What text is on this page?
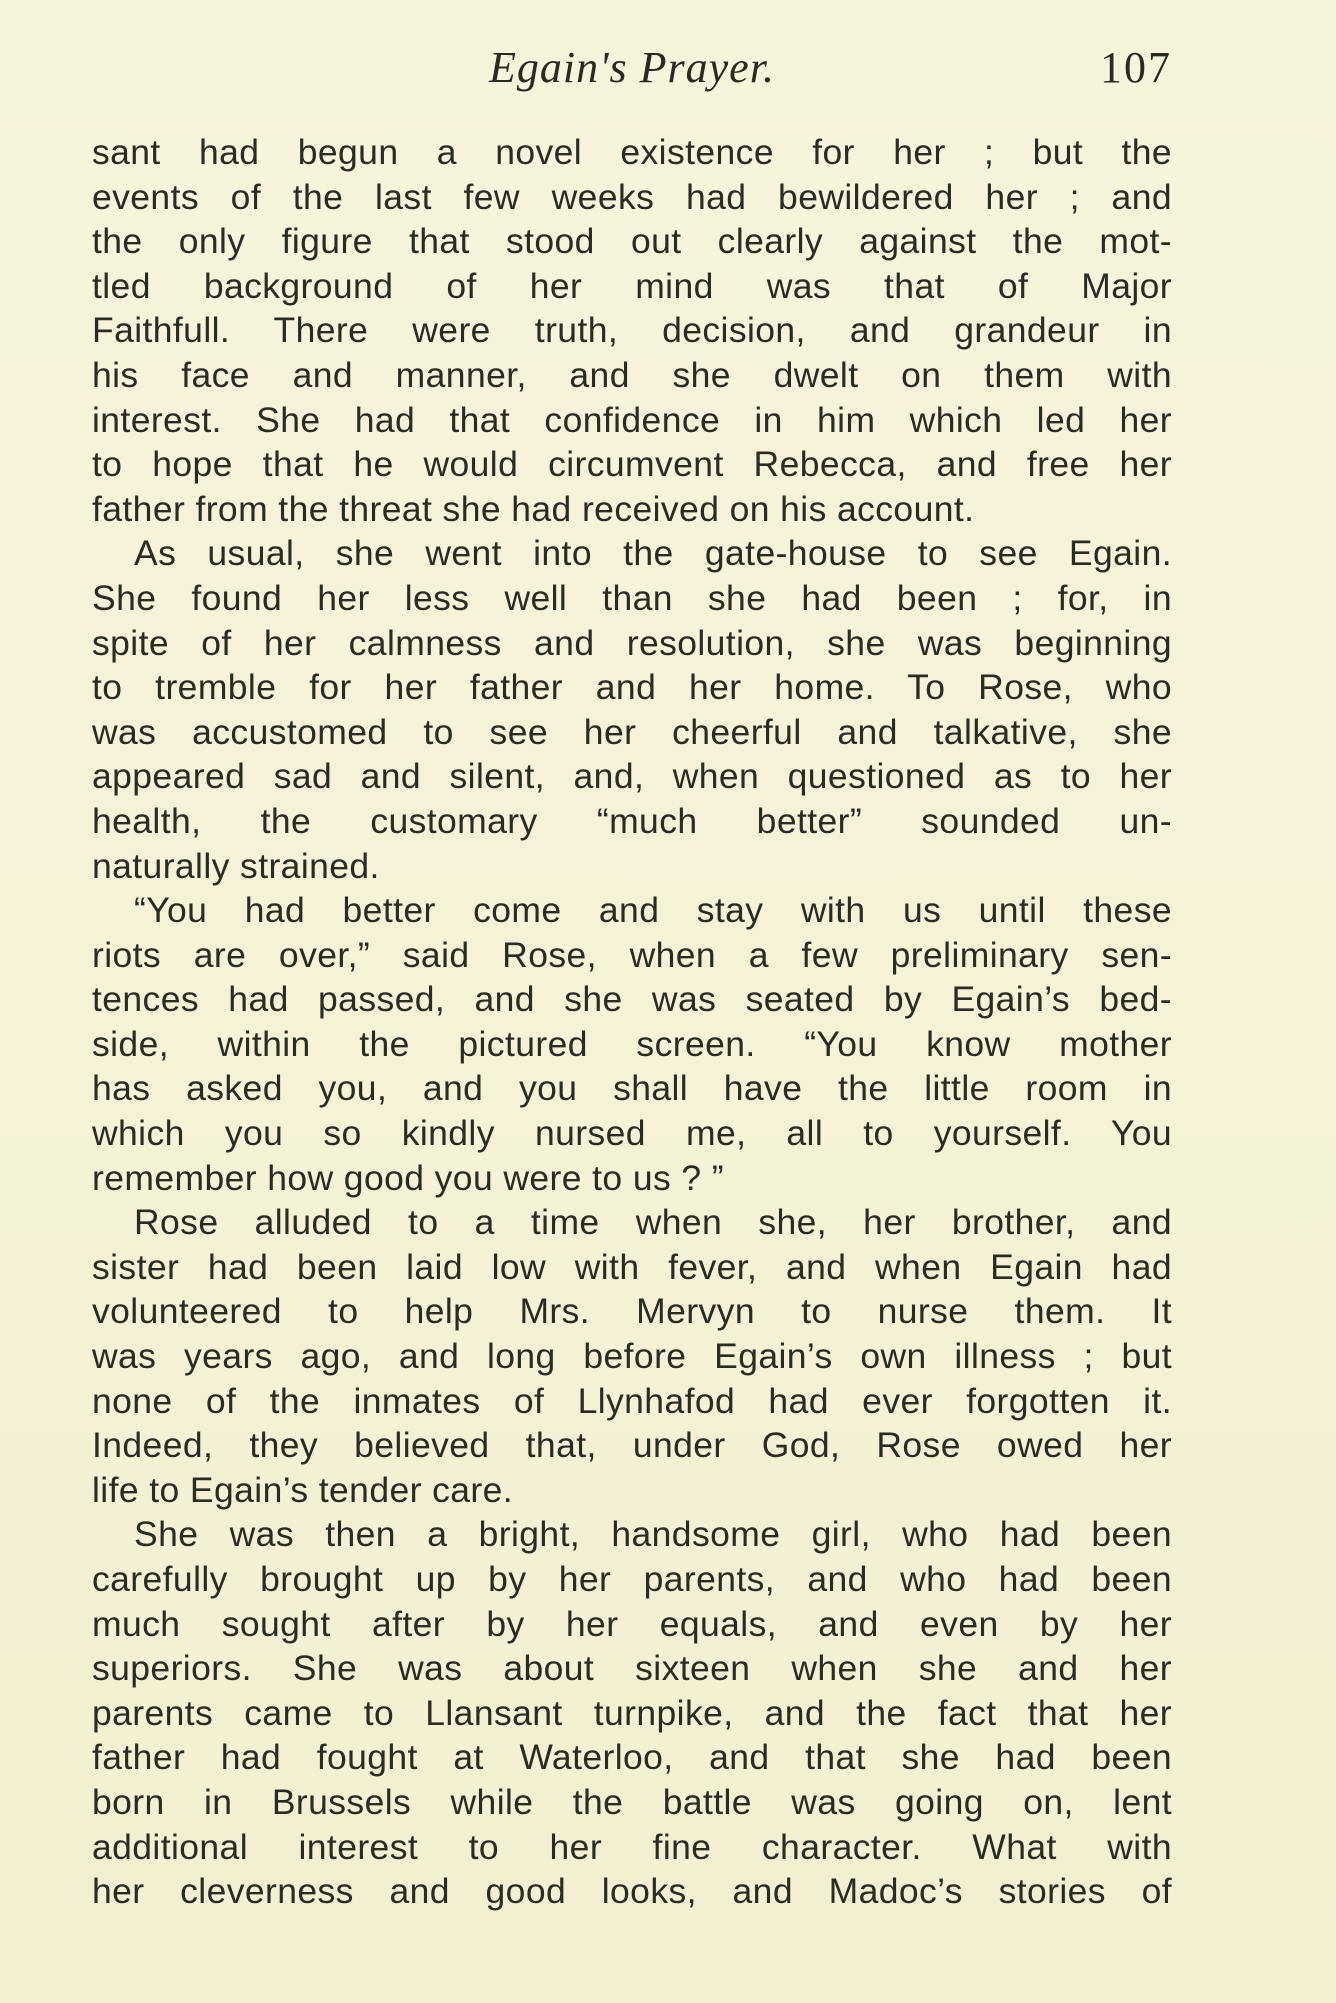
Egain's Prayer.	107
sant had begun a novel existence for her ; but the
events of the last few weeks had bewildered her ; and
the only figure that stood out clearly against the mot-
tled background of her mind was that of Major
Faithfull. There were truth, decision, and grandeur in
his face and manner, and she dwelt on them with
interest. She had that confidence in him which led her
to hope that he would circumvent Rebecca, and free her
father from the threat she had received on his account.
As usual, she went into the gate-house to see Egain.
She found her less well than she had been ; for, in
spite of her calmness and resolution, she was beginning
to tremble for her father and her home. To Rose, who
was accustomed to see her cheerful and talkative, she
appeared sad and silent, and, when questioned as to her
health, the customary “much better” sounded un-
naturally strained.
“You had better come and stay with us until these
riots are over,” said Rose, when a few preliminary sen-
tences had passed, and she was seated by Egain’s bed-
side, within the pictured screen. “You know mother
has asked you, and you shall have the little room in
which you so kindly nursed me, all to yourself. You
remember how good you were to us ? ”
Rose alluded to a time when she, her brother, and
sister had been laid low with fever, and when Egain had
volunteered to help Mrs. Mervyn to nurse them. It
was years ago, and long before Egain’s own illness ; but
none of the inmates of Llynhafod had ever forgotten it.
Indeed, they believed that, under God, Rose owed her
life to Egain’s tender care.
She was then a bright, handsome girl, who had been
carefully brought up by her parents, and who had been
much sought after by her equals, and even by her
superiors. She was about sixteen when she and her
parents came to Llansant turnpike, and the fact that her
father had fought at Waterloo, and that she had been
born in Brussels while the battle was going on, lent
additional interest to her fine character. What with
her cleverness and good looks, and Madoc’s stories of
